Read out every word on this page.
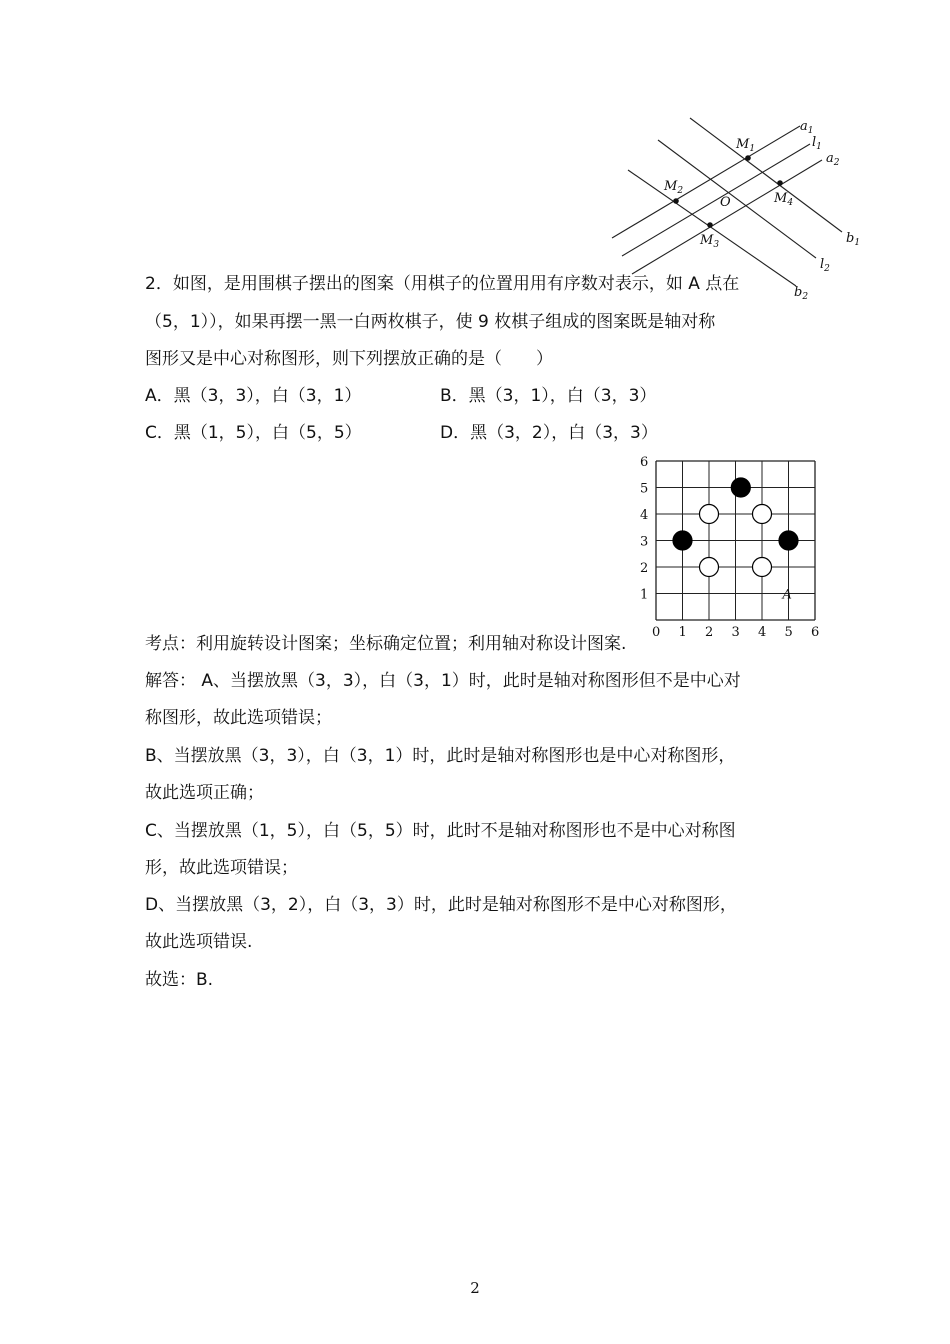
$a_1$
$l_1$
$a_2$
$b_1$
$l_2$
$b_2$
$M_1$
$M_2$
$M_3$
$M_4$
O
2．如图，是用围棋子摆出的图案（用棋子的位置用用有序数对表示，如 A 点在
（5，1）），如果再摆一黑一白两枚棋子，使 9 枚棋子组成的图案既是轴对称
图形又是中心对称图形，则下列摆放正确的是（　　）
A．黑（3，3），白（3，1）	B．黑（3，1），白（3，3）
C．黑（1，5），白（5，5）	D．黑（3，2），白（3，3）
0 1 2 3 4 5 6
1
2
3
4
5
6
A
考点：利用旋转设计图案；坐标确定位置；利用轴对称设计图案.
解答： A、当摆放黑（3，3），白（3，1）时，此时是轴对称图形但不是中心对
称图形，故此选项错误；
B、当摆放黑（3，3），白（3，1）时，此时是轴对称图形也是中心对称图形，
故此选项正确；
C、当摆放黑（1，5），白（5，5）时，此时不是轴对称图形也不是中心对称图
形，故此选项错误；
D、当摆放黑（3，2），白（3，3）时，此时是轴对称图形不是中心对称图形，
故此选项错误.
故选：B.
2
